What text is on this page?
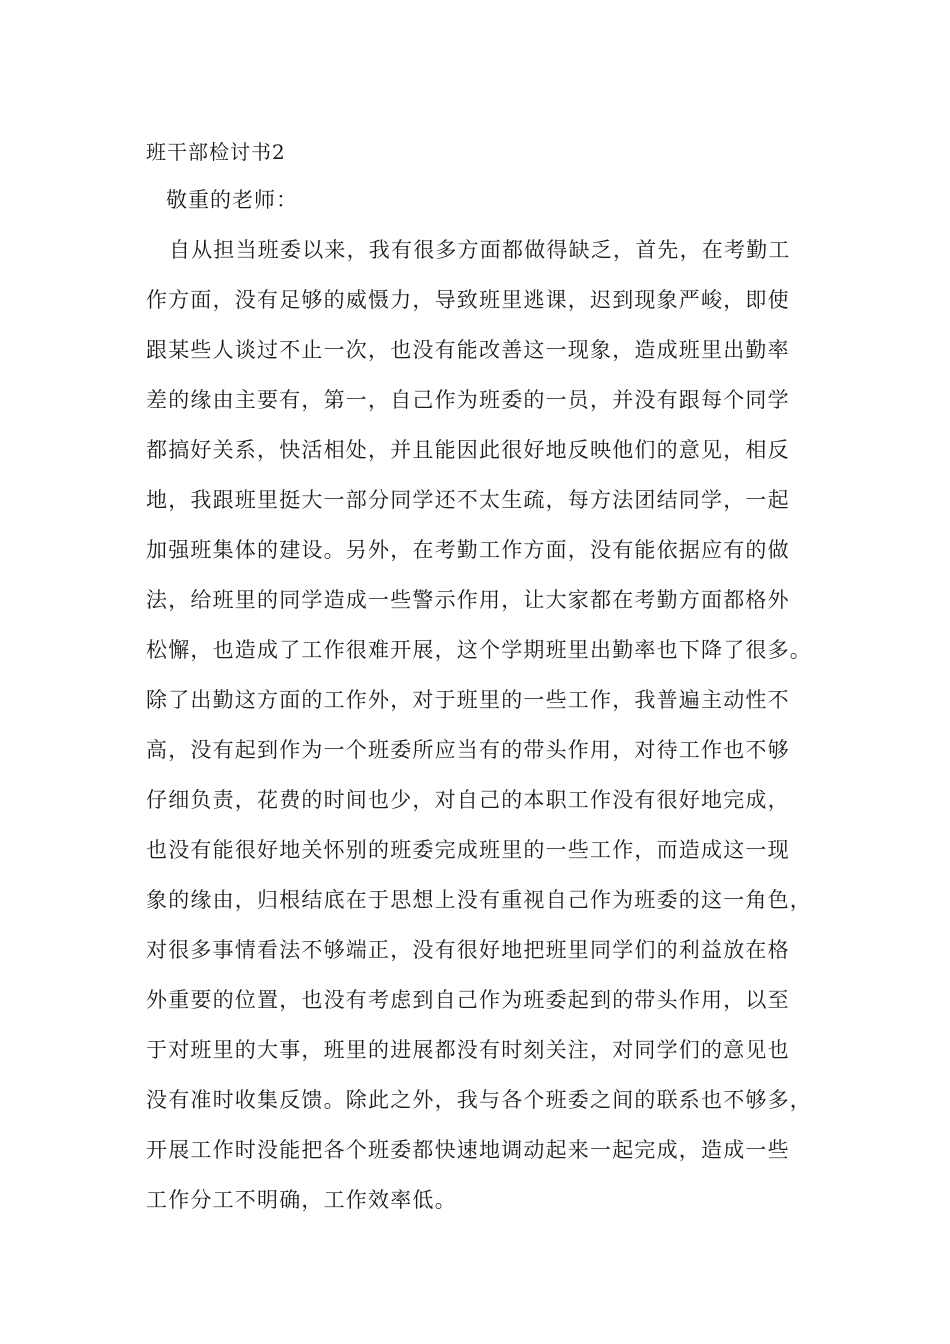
班干部检讨书2
敬重的老师：
自从担当班委以来，我有很多方面都做得缺乏，首先，在考勤工
作方面，没有足够的威慑力，导致班里逃课，迟到现象严峻，即使
跟某些人谈过不止一次，也没有能改善这一现象，造成班里出勤率
差的缘由主要有，第一，自己作为班委的一员，并没有跟每个同学
都搞好关系，快活相处，并且能因此很好地反映他们的意见，相反
地，我跟班里挺大一部分同学还不太生疏，每方法团结同学，一起
加强班集体的建设。另外，在考勤工作方面，没有能依据应有的做
法，给班里的同学造成一些警示作用，让大家都在考勤方面都格外
松懈，也造成了工作很难开展，这个学期班里出勤率也下降了很多。
除了出勤这方面的工作外，对于班里的一些工作，我普遍主动性不
高，没有起到作为一个班委所应当有的带头作用，对待工作也不够
仔细负责，花费的时间也少，对自己的本职工作没有很好地完成，
也没有能很好地关怀别的班委完成班里的一些工作，而造成这一现
象的缘由，归根结底在于思想上没有重视自己作为班委的这一角色，
对很多事情看法不够端正，没有很好地把班里同学们的利益放在格
外重要的位置，也没有考虑到自己作为班委起到的带头作用，以至
于对班里的大事，班里的进展都没有时刻关注，对同学们的意见也
没有准时收集反馈。除此之外，我与各个班委之间的联系也不够多，
开展工作时没能把各个班委都快速地调动起来一起完成，造成一些
工作分工不明确，工作效率低。
